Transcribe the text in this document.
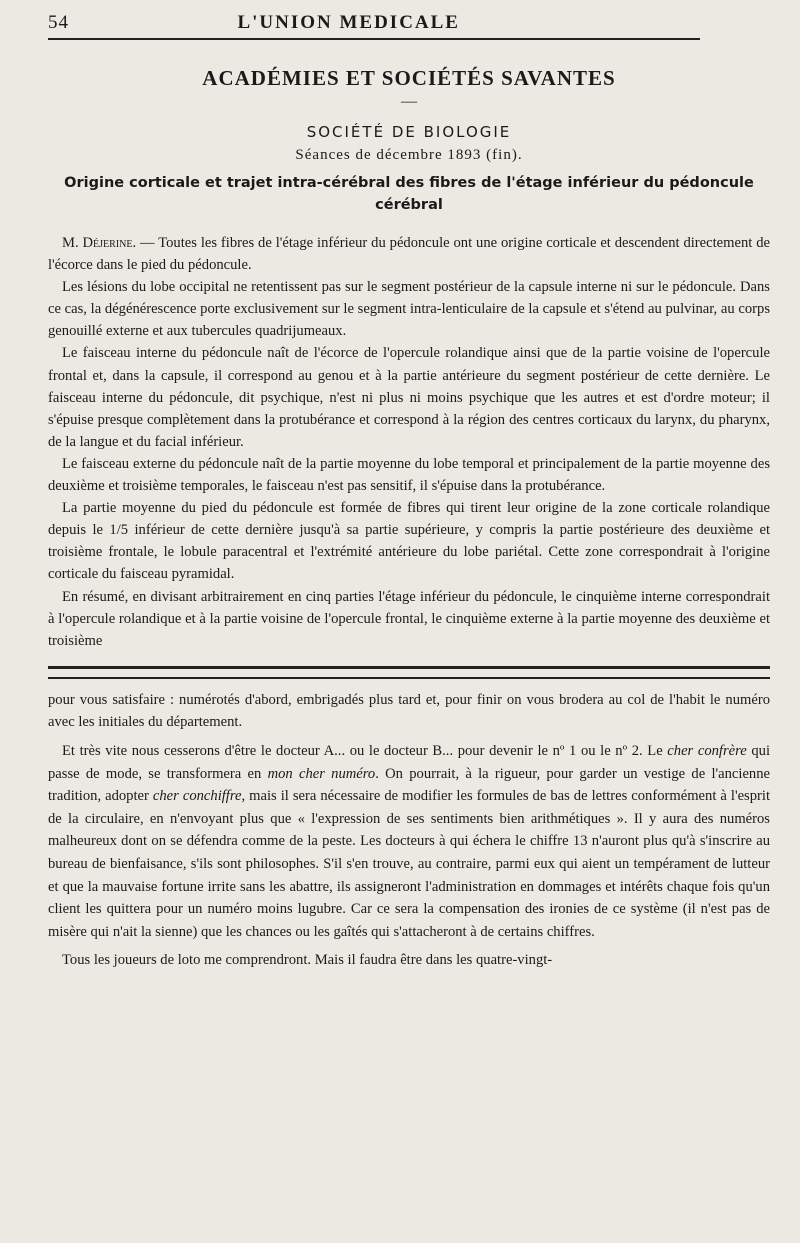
54	L'UNION MEDICALE
ACADÉMIES ET SOCIÉTÉS SAVANTES
—
SOCIÉTÉ DE BIOLOGIE
Séances de décembre 1893 (fin).
Origine corticale et trajet intra-cérébral des fibres de l'étage inférieur du pédoncule cérébral

M. Déjerine. — Toutes les fibres de l'étage inférieur du pédoncule ont une origine corticale et descendent directement de l'écorce dans le pied du pédoncule.

Les lésions du lobe occipital ne retentissent pas sur le segment postérieur de la capsule interne ni sur le pédoncule. Dans ce cas, la dégénérescence porte exclusivement sur le segment intra-lenticulaire de la capsule et s'étend au pulvinar, au corps genouillé externe et aux tubercules quadrijumeaux.

Le faisceau interne du pédoncule naît de l'écorce de l'opercule rolandique ainsi que de la partie voisine de l'opercule frontal et, dans la capsule, il correspond au genou et à la partie antérieure du segment postérieur de cette dernière. Le faisceau interne du pédoncule, dit psychique, n'est ni plus ni moins psychique que les autres et est d'ordre moteur; il s'épuise presque complètement dans la protubérance et correspond à la région des centres corticaux du larynx, du pharynx, de la langue et du facial inférieur.

Le faisceau externe du pédoncule naît de la partie moyenne du lobe temporal et principalement de la partie moyenne des deuxième et troisième temporales, le faisceau n'est pas sensitif, il s'épuise dans la protubérance.

La partie moyenne du pied du pédoncule est formée de fibres qui tirent leur origine de la zone corticale rolandique depuis le 1/5 inférieur de cette dernière jusqu'à sa partie supérieure, y compris la partie postérieure des deuxième et troisième frontale, le lobule paracentral et l'extrémité antérieure du lobe pariétal. Cette zone correspondrait à l'origine corticale du faisceau pyramidal.

En résumé, en divisant arbitrairement en cinq parties l'étage inférieur du pédoncule, le cinquième interne correspondrait à l'opercule rolandique et à la partie voisine de l'opercule frontal, le cinquième externe à la partie moyenne des deuxième et troisième

pour vous satisfaire : numérotés d'abord, embrigadés plus tard et, pour finir on vous brodera au col de l'habit le numéro avec les initiales du département.

Et très vite nous cesserons d'être le docteur A... ou le docteur B... pour devenir le nº 1 ou le nº 2. Le cher confrère qui passe de mode, se transformera en mon cher numéro. On pourrait, à la rigueur, pour garder un vestige de l'ancienne tradition, adopter cher conchiffre, mais il sera nécessaire de modifier les formules de bas de lettres conformément à l'esprit de la circulaire, en n'envoyant plus que « l'expression de ses sentiments bien arithmétiques ». Il y aura des numéros malheureux dont on se défendra comme de la peste. Les docteurs à qui échera le chiffre 13 n'auront plus qu'à s'inscrire au bureau de bienfaisance, s'ils sont philosophes. S'il s'en trouve, au contraire, parmi eux qui aient un tempérament de lutteur et que la mauvaise fortune irrite sans les abattre, ils assigneront l'administration en dommages et intérêts chaque fois qu'un client les quittera pour un numéro moins lugubre. Car ce sera la compensation des ironies de ce système (il n'est pas de misère qui n'ait la sienne) que les chances ou les gaîtés qui s'attacheront à de certains chiffres.

Tous les joueurs de loto me comprendront. Mais il faudra être dans les quatre-vingt-
